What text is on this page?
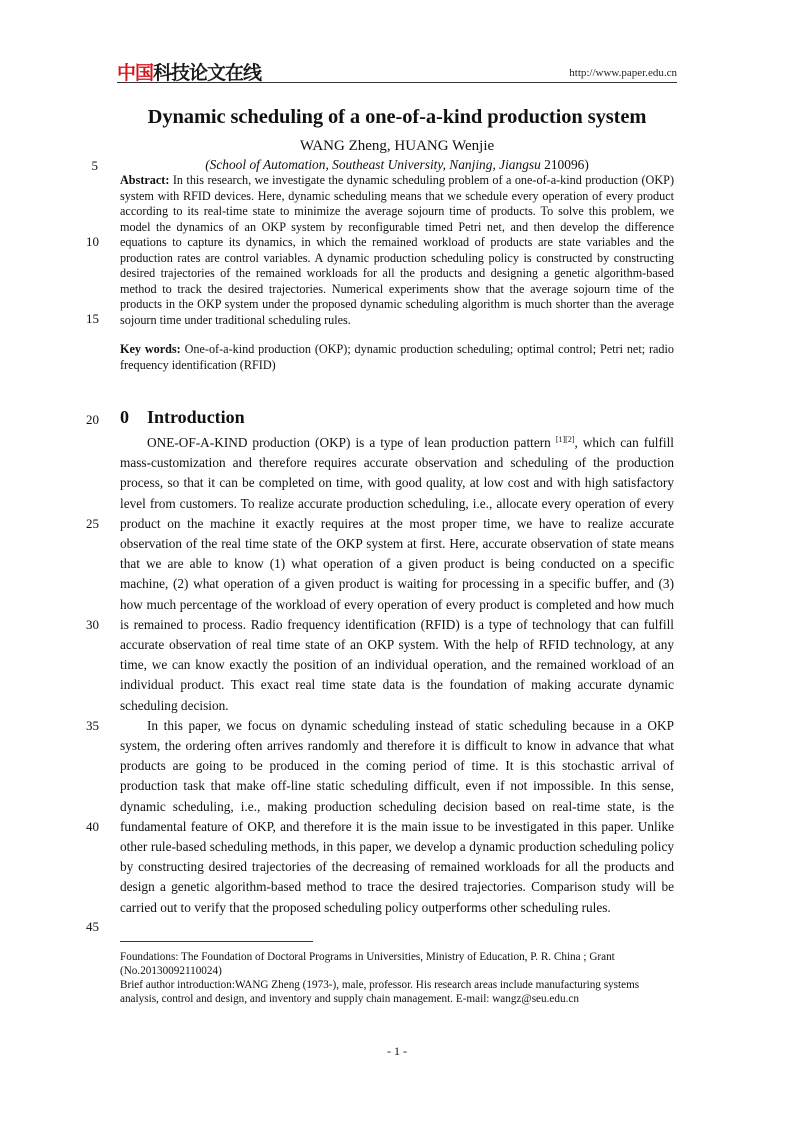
中国科技论文在线	http://www.paper.edu.cn
Dynamic scheduling of a one-of-a-kind production system
WANG Zheng, HUANG Wenjie
(School of Automation, Southeast University, Nanjing, Jiangsu 210096)
5
10
15
20
25
30
35
40
45
Abstract: In this research, we investigate the dynamic scheduling problem of a one-of-a-kind production (OKP) system with RFID devices. Here, dynamic scheduling means that we schedule every operation of every product according to its real-time state to minimize the average sojourn time of products. To solve this problem, we model the dynamics of an OKP system by reconfigurable timed Petri net, and then develop the difference equations to capture its dynamics, in which the remained workload of products are state variables and the production rates are control variables. A dynamic production scheduling policy is constructed by constructing desired trajectories of the remained workloads for all the products and designing a genetic algorithm-based method to track the desired trajectories. Numerical experiments show that the average sojourn time of the products in the OKP system under the proposed dynamic scheduling algorithm is much shorter than the average sojourn time under traditional scheduling rules.
Key words: One-of-a-kind production (OKP); dynamic production scheduling; optimal control; Petri net; radio frequency identification (RFID)
0 Introduction

ONE-OF-A-KIND production (OKP) is a type of lean production pattern [1][2], which can fulfill mass-customization and therefore requires accurate observation and scheduling of the production process, so that it can be completed on time, with good quality, at low cost and with high satisfactory level from customers. To realize accurate production scheduling, i.e., allocate every operation of every product on the machine it exactly requires at the most proper time, we have to realize accurate observation of the real time state of the OKP system at first. Here, accurate observation of state means that we are able to know (1) what operation of a given product is being conducted on a specific machine, (2) what operation of a given product is waiting for processing in a specific buffer, and (3) how much percentage of the workload of every operation of every product is completed and how much is remained to process. Radio frequency identification (RFID) is a type of technology that can fulfill accurate observation of real time state of an OKP system. With the help of RFID technology, at any time, we can know exactly the position of an individual operation, and the remained workload of an individual product. This exact real time state data is the foundation of making accurate dynamic scheduling decision.

In this paper, we focus on dynamic scheduling instead of static scheduling because in a OKP system, the ordering often arrives randomly and therefore it is difficult to know in advance that what products are going to be produced in the coming period of time. It is this stochastic arrival of production task that make off-line static scheduling difficult, even if not impossible. In this sense, dynamic scheduling, i.e., making production scheduling decision based on real-time state, is the fundamental feature of OKP, and therefore it is the main issue to be investigated in this paper. Unlike other rule-based scheduling methods, in this paper, we develop a dynamic production scheduling policy by constructing desired trajectories of the decreasing of remained workloads for all the products and design a genetic algorithm-based method to trace the desired trajectories. Comparison study will be carried out to verify that the proposed scheduling policy outperforms other scheduling rules.

Foundations: The Foundation of Doctoral Programs in Universities, Ministry of Education, P. R. China ; Grant (No.20130092110024)

Brief author introduction:WANG Zheng (1973-), male, professor. His research areas include manufacturing systems analysis, control and design, and inventory and supply chain management. E-mail: wangz@seu.edu.cn

- 1 -
